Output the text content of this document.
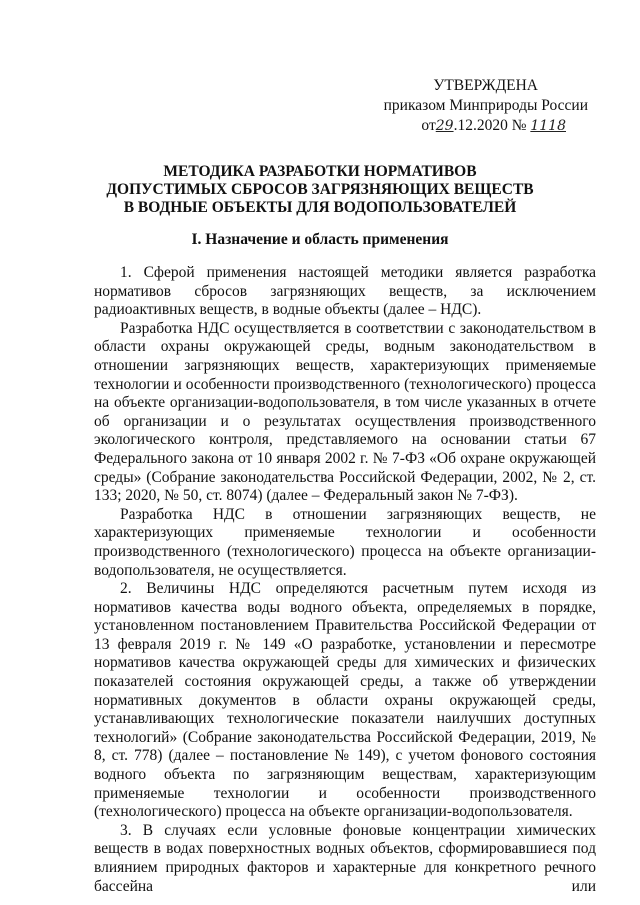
УТВЕРЖДЕНА
приказом Минприроды России
от29.12.2020 № 1118
МЕТОДИКА РАЗРАБОТКИ НОРМАТИВОВ
ДОПУСТИМЫХ СБРОСОВ ЗАГРЯЗНЯЮЩИХ ВЕЩЕСТВ
В ВОДНЫЕ ОБЪЕКТЫ ДЛЯ ВОДОПОЛЬЗОВАТЕЛЕЙ
I. Назначение и область применения

1. Сферой применения настоящей методики является разработка нормативов сбросов загрязняющих веществ, за исключением радиоактивных веществ, в водные объекты (далее – НДС).

Разработка НДС осуществляется в соответствии с законодательством в области охраны окружающей среды, водным законодательством в отношении загрязняющих веществ, характеризующих применяемые технологии и особенности производственного (технологического) процесса на объекте организации-водопользователя, в том числе указанных в отчете об организации и о результатах осуществления производственного экологического контроля, представляемого на основании статьи 67 Федерального закона от 10 января 2002 г. № 7-ФЗ «Об охране окружающей среды» (Собрание законодательства Российской Федерации, 2002, № 2, ст. 133; 2020, № 50, ст. 8074) (далее – Федеральный закон № 7-ФЗ).

Разработка НДС в отношении загрязняющих веществ, не характеризующих применяемые технологии и особенности производственного (технологического) процесса на объекте организации-водопользователя, не осуществляется.

2. Величины НДС определяются расчетным путем исходя из нормативов качества воды водного объекта, определяемых в порядке, установленном постановлением Правительства Российской Федерации от 13 февраля 2019 г. № 149 «О разработке, установлении и пересмотре нормативов качества окружающей среды для химических и физических показателей состояния окружающей среды, а также об утверждении нормативных документов в области охраны окружающей среды, устанавливающих технологические показатели наилучших доступных технологий» (Собрание законодательства Российской Федерации, 2019, № 8, ст. 778) (далее – постановление № 149), с учетом фонового состояния водного объекта по загрязняющим веществам, характеризующим применяемые технологии и особенности производственного (технологического) процесса на объекте организации-водопользователя.

3. В случаях если условные фоновые концентрации химических веществ в водах поверхностных водных объектов, сформировавшиеся под влиянием природных факторов и характерные для конкретного речного бассейна или
